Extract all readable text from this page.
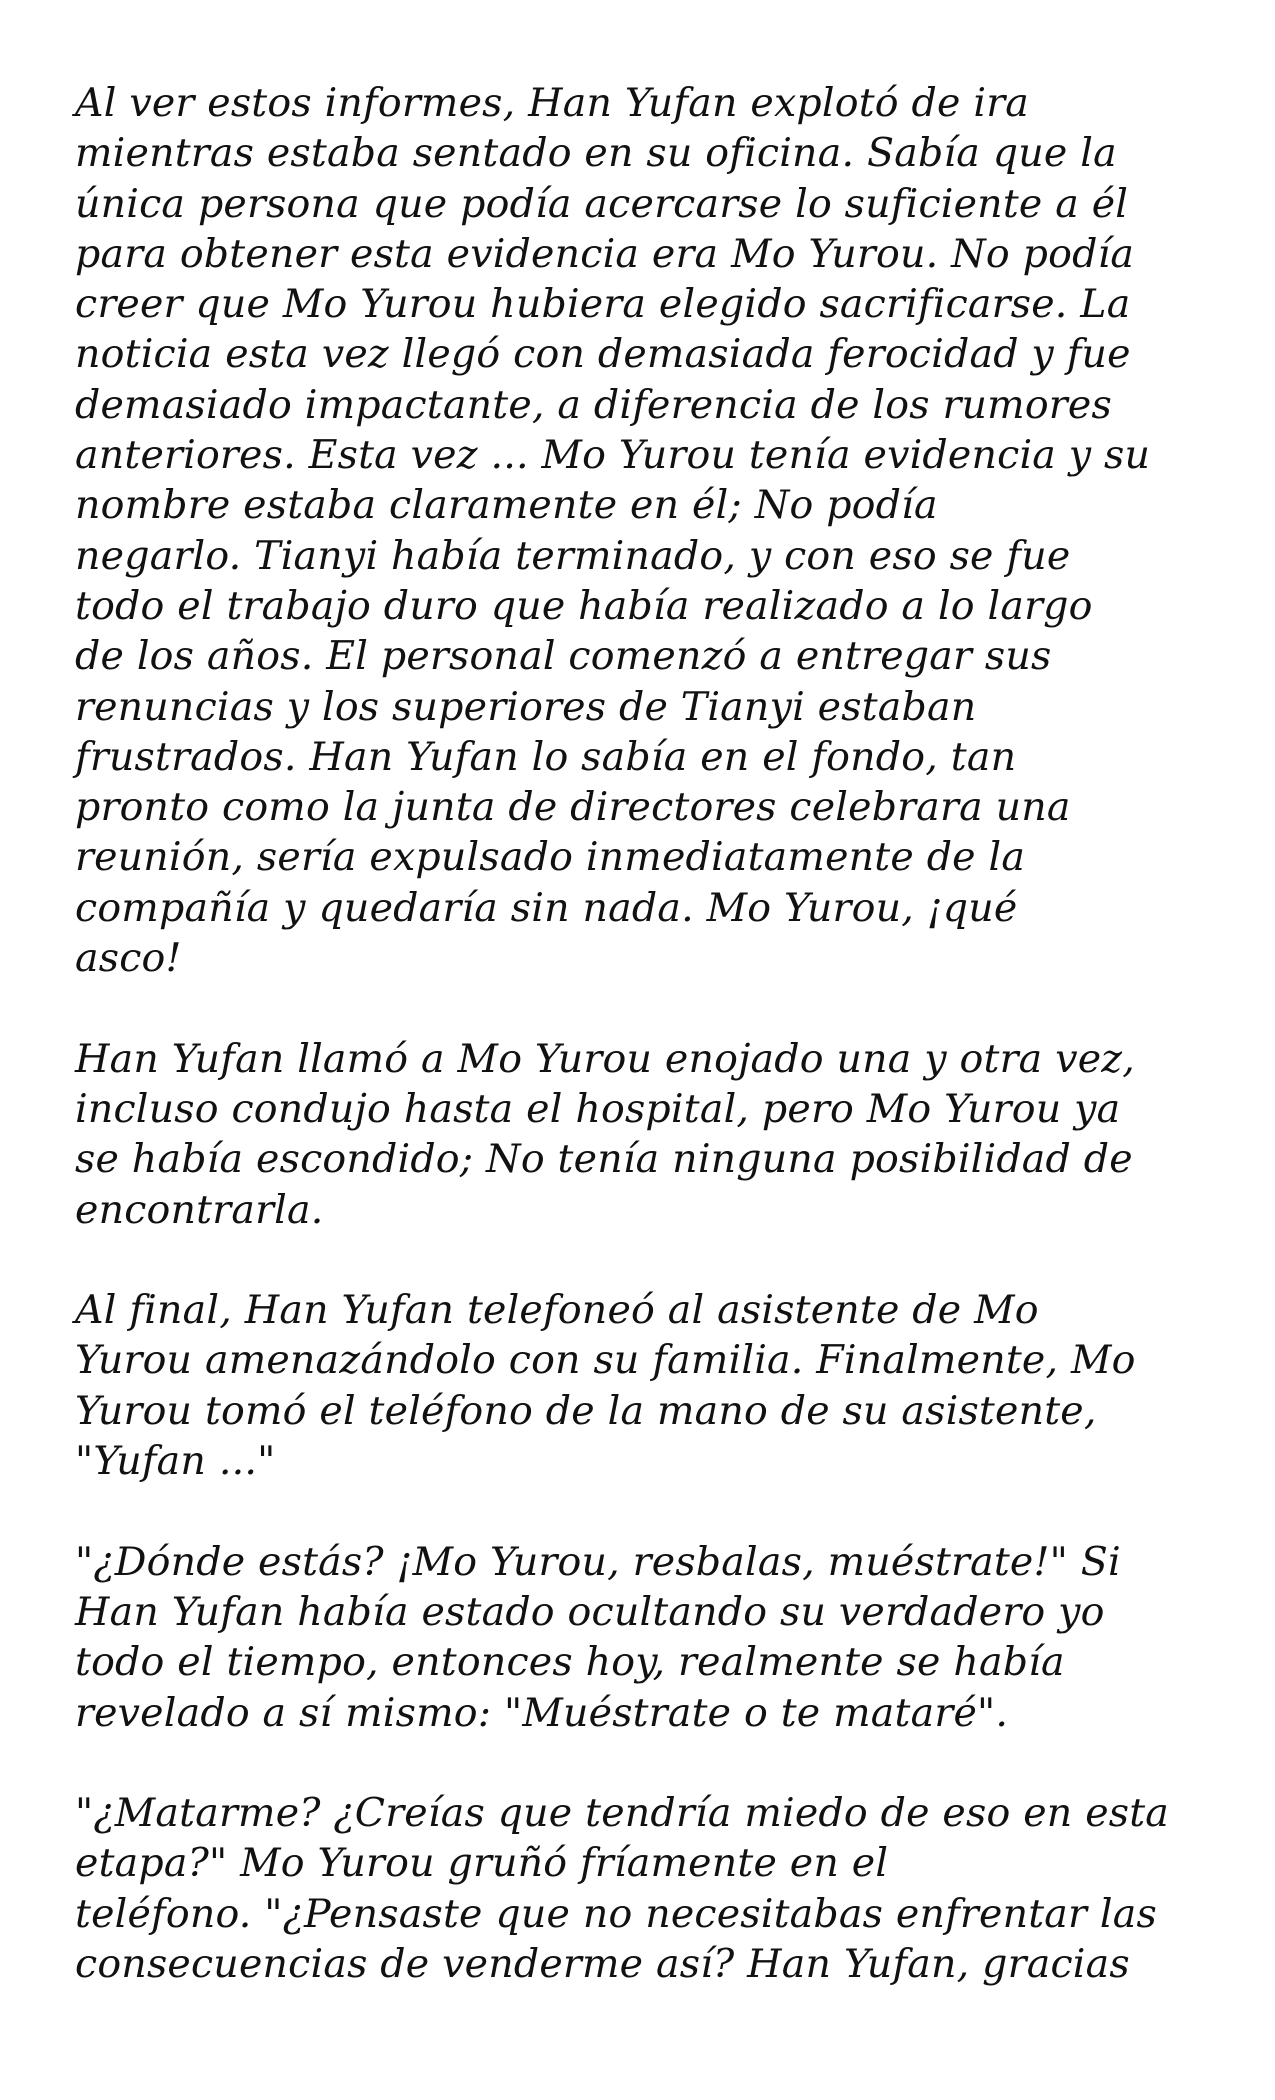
Al ver estos informes, Han Yufan explotó de ira
mientras estaba sentado en su oficina. Sabía que la
única persona que podía acercarse lo suficiente a él
para obtener esta evidencia era Mo Yurou. No podía
creer que Mo Yurou hubiera elegido sacrificarse. La
noticia esta vez llegó con demasiada ferocidad y fue
demasiado impactante, a diferencia de los rumores
anteriores. Esta vez ... Mo Yurou tenía evidencia y su
nombre estaba claramente en él; No podía
negarlo. Tianyi había terminado, y con eso se fue
todo el trabajo duro que había realizado a lo largo
de los años. El personal comenzó a entregar sus
renuncias y los superiores de Tianyi estaban
frustrados. Han Yufan lo sabía en el fondo, tan
pronto como la junta de directores celebrara una
reunión, sería expulsado inmediatamente de la
compañía y quedaría sin nada. Mo Yurou, ¡qué
asco!
Han Yufan llamó a Mo Yurou enojado una y otra vez,
incluso condujo hasta el hospital, pero Mo Yurou ya
se había escondido; No tenía ninguna posibilidad de
encontrarla.
Al final, Han Yufan telefoneó al asistente de Mo
Yurou amenazándolo con su familia. Finalmente, Mo
Yurou tomó el teléfono de la mano de su asistente,
"Yufan ..."
"¿Dónde estás? ¡Mo Yurou, resbalas, muéstrate!" Si
Han Yufan había estado ocultando su verdadero yo
todo el tiempo, entonces hoy, realmente se había
revelado a sí mismo: "Muéstrate o te mataré".
"¿Matarme? ¿Creías que tendría miedo de eso en esta
etapa?" Mo Yurou gruñó fríamente en el
teléfono. "¿Pensaste que no necesitabas enfrentar las
consecuencias de venderme así? Han Yufan, gracias
